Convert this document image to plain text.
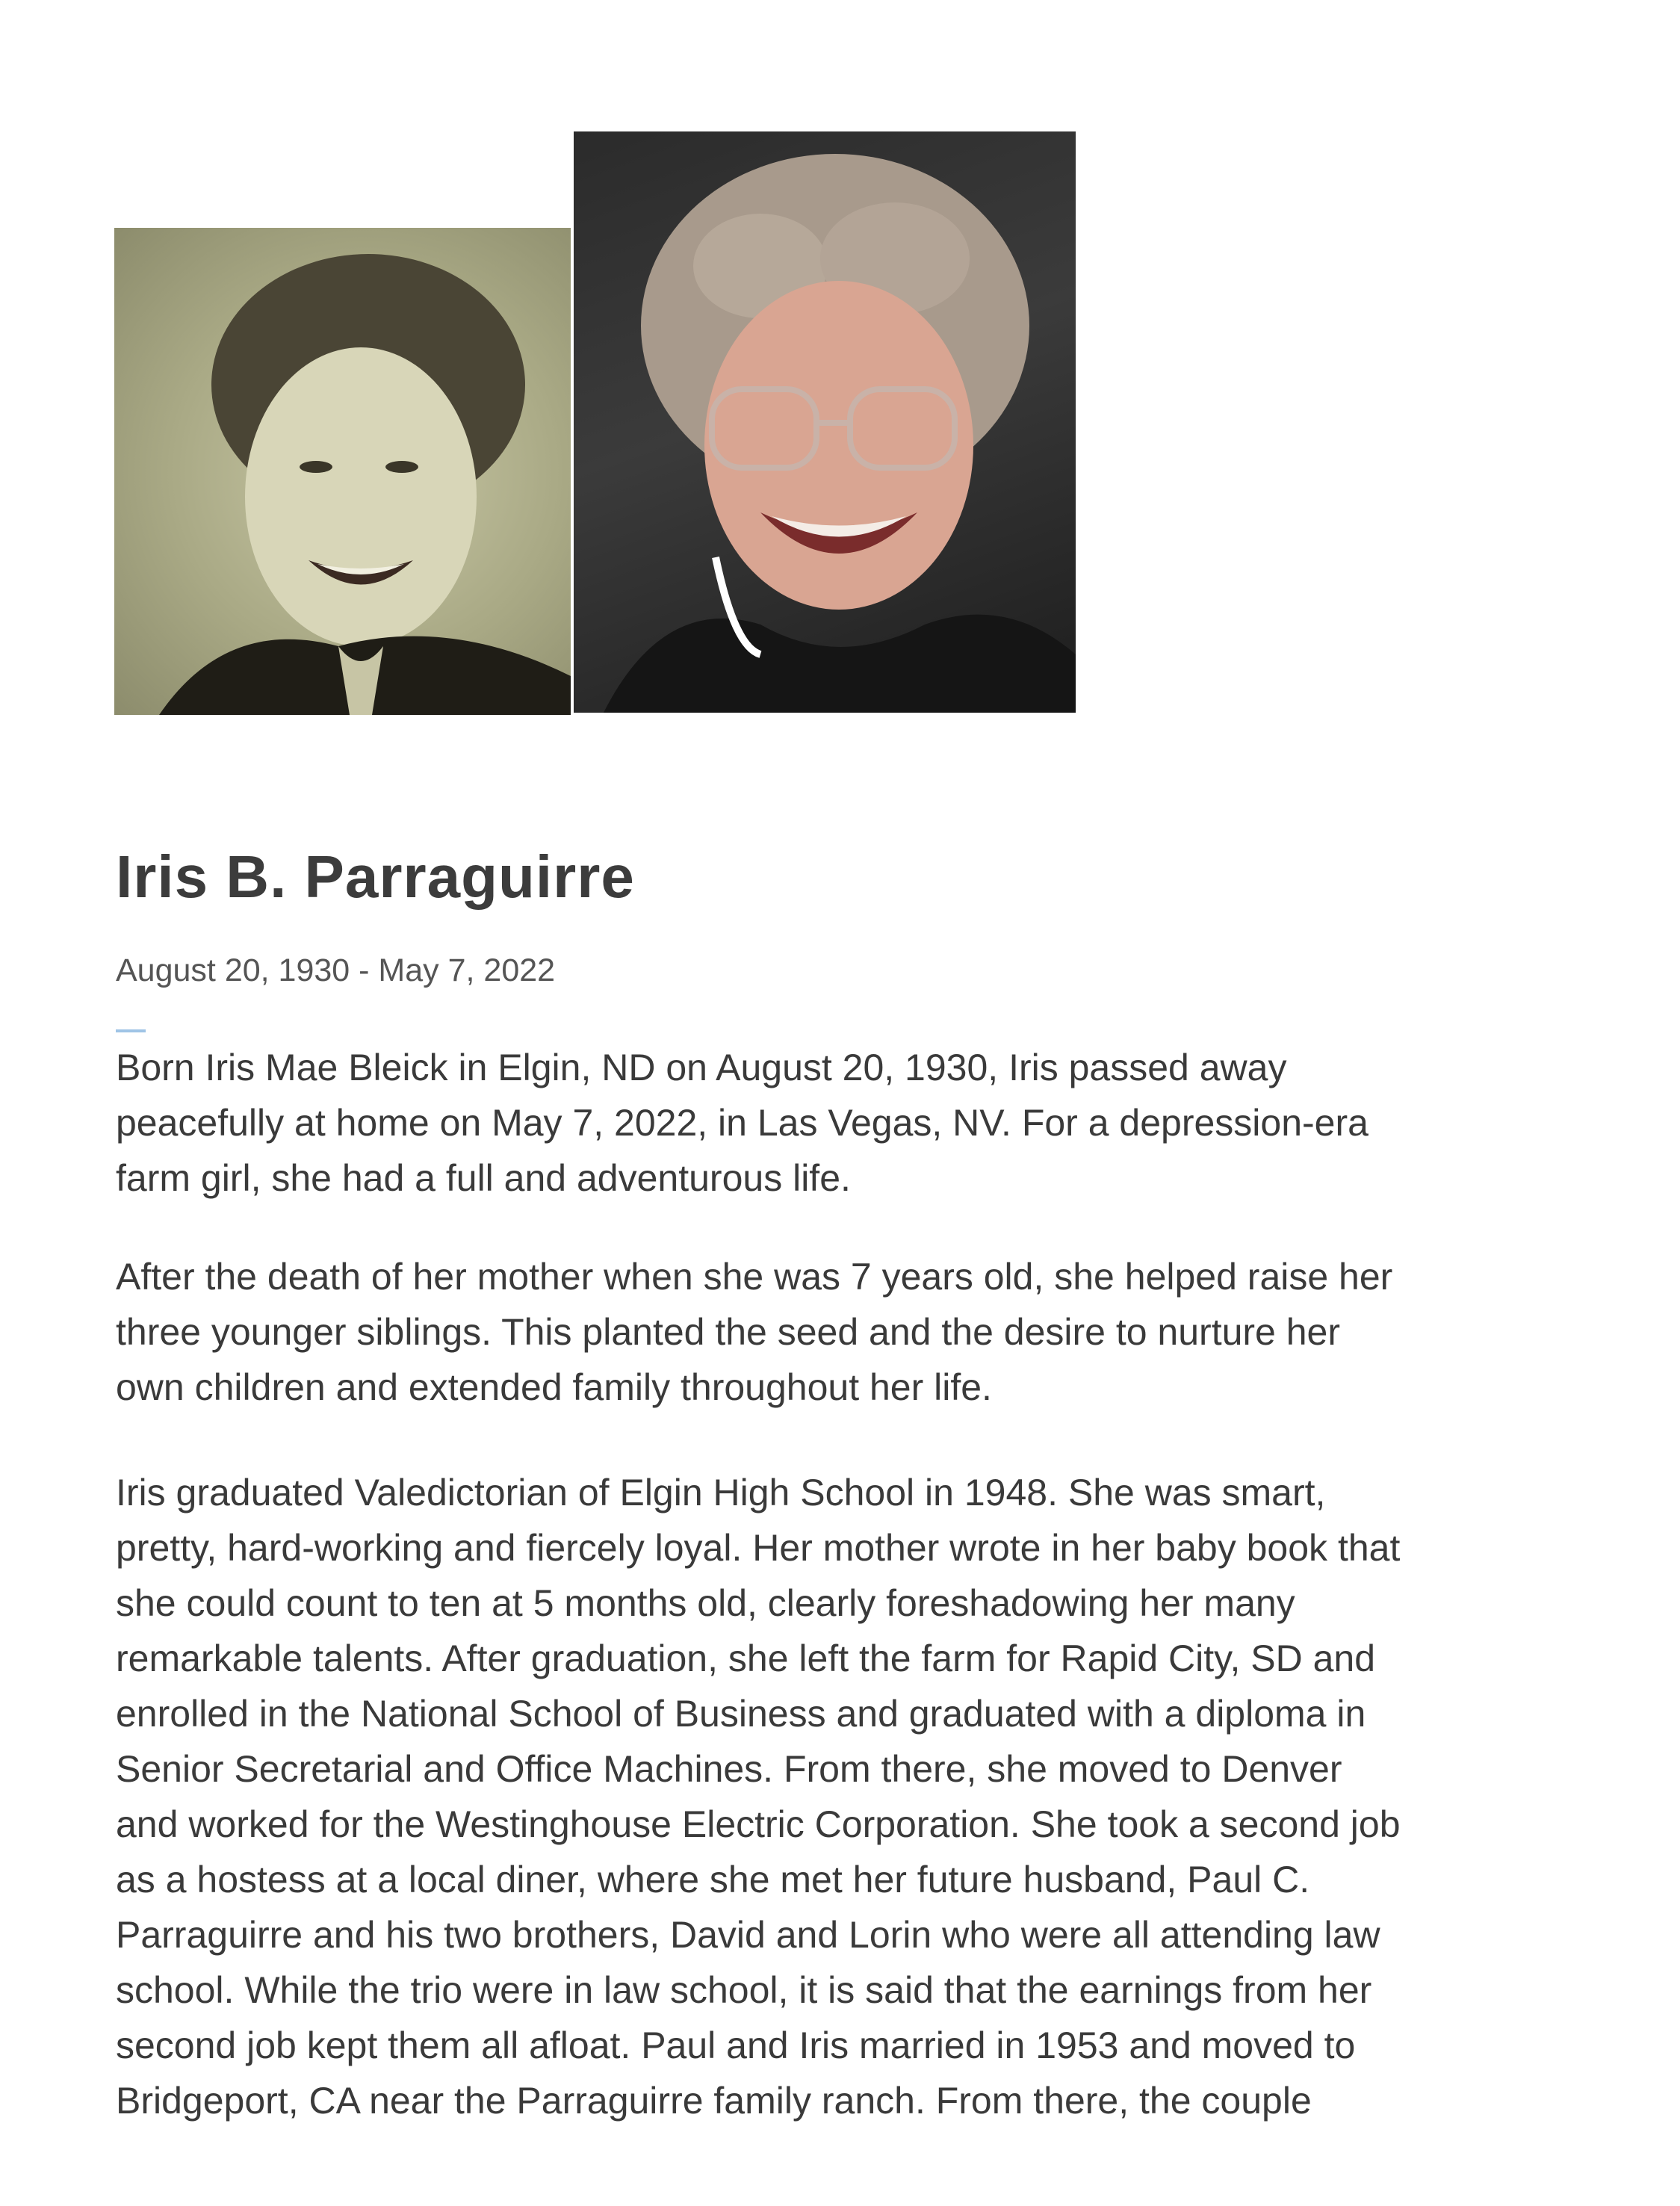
Iris B. Parraguirre
August 20, 1930 - May 7, 2022

Born Iris Mae Bleick in Elgin, ND on August 20, 1930, Iris passed away
peacefully at home on May 7, 2022, in Las Vegas, NV. For a depression-era
farm girl, she had a full and adventurous life.

After the death of her mother when she was 7 years old, she helped raise her
three younger siblings. This planted the seed and the desire to nurture her
own children and extended family throughout her life.

Iris graduated Valedictorian of Elgin High School in 1948. She was smart,
pretty, hard-working and fiercely loyal. Her mother wrote in her baby book that
she could count to ten at 5 months old, clearly foreshadowing her many
remarkable talents. After graduation, she left the farm for Rapid City, SD and
enrolled in the National School of Business and graduated with a diploma in
Senior Secretarial and Office Machines. From there, she moved to Denver
and worked for the Westinghouse Electric Corporation. She took a second job
as a hostess at a local diner, where she met her future husband, Paul C.
Parraguirre and his two brothers, David and Lorin who were all attending law
school. While the trio were in law school, it is said that the earnings from her
second job kept them all afloat. Paul and Iris married in 1953 and moved to
Bridgeport, CA near the Parraguirre family ranch. From there, the couple
